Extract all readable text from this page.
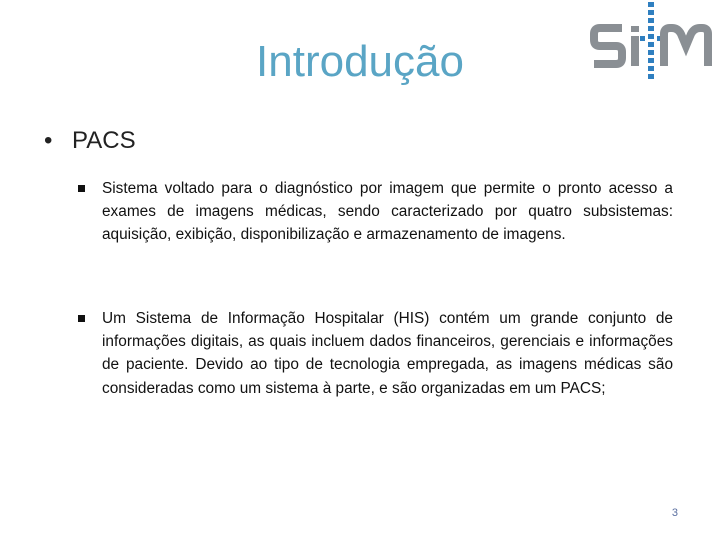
Introdução
• PACS
Sistema voltado para o diagnóstico por imagem que permite o pronto acesso a exames de imagens médicas, sendo caracterizado por quatro subsistemas: aquisição, exibição, disponibilização e armazenamento de imagens.
Um Sistema de Informação Hospitalar (HIS) contém um grande conjunto de informações digitais, as quais incluem dados financeiros, gerenciais e informações de paciente. Devido ao tipo de tecnologia empregada, as imagens médicas são consideradas como um sistema à parte, e são organizadas em um PACS;
3
